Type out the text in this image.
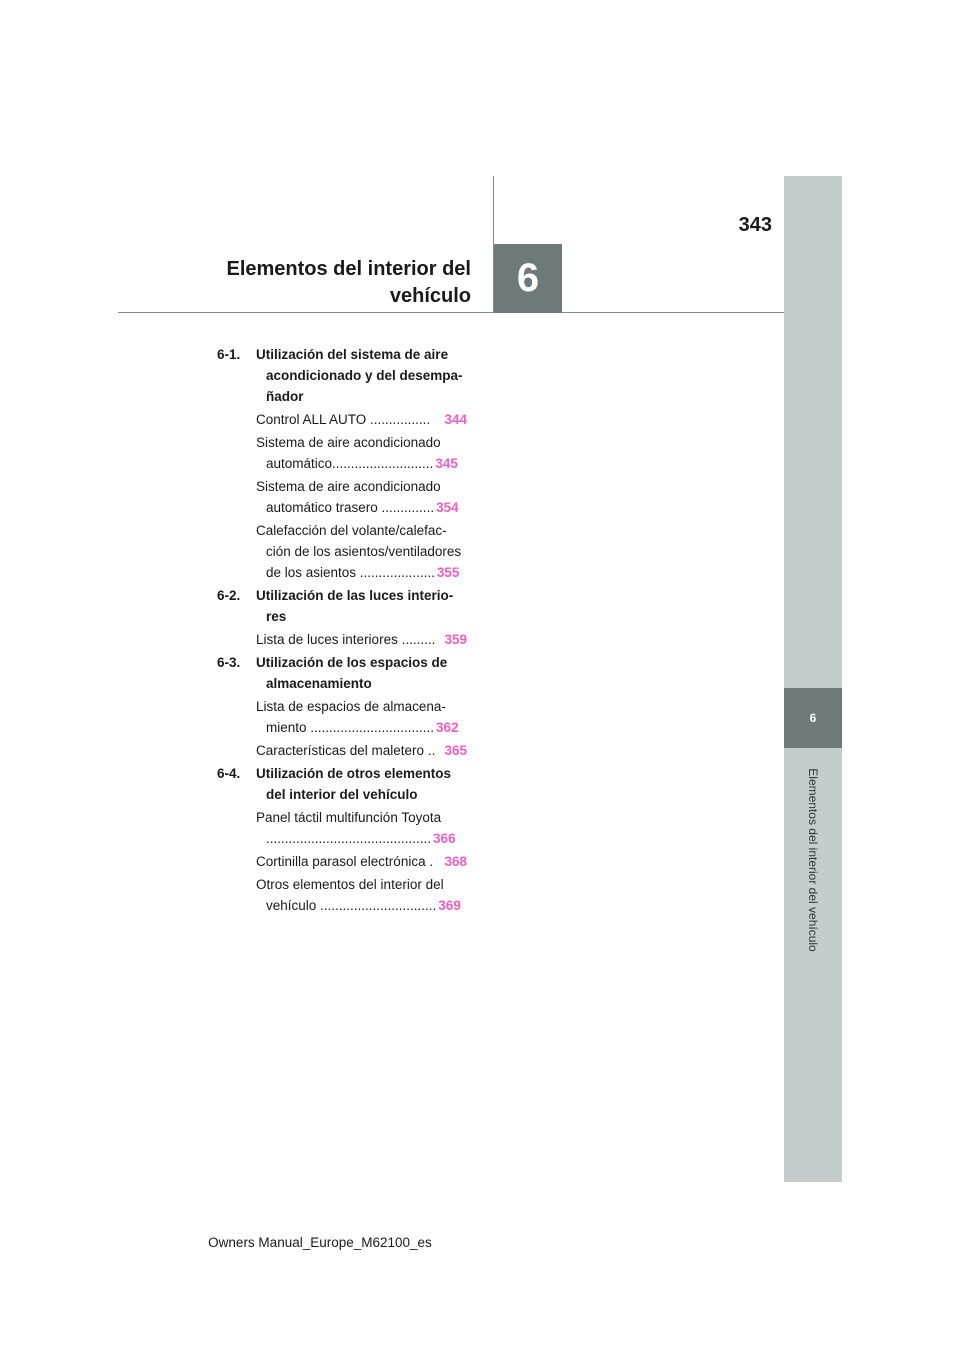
6
Elementos del interior del vehículo
6
343
Elementos del interior del
vehículo
6-1.	Utilización del sistema de aire
acondicionado y del desempa-
ñador
Control ALL AUTO ................	344
Sistema de aire acondicionado
automático........................... 345
Sistema de aire acondicionado
automático trasero .............. 354
Calefacción del volante/calefac-
ción de los asientos/ventiladores
de los asientos .................... 355
6-2.	Utilización de las luces interio-
res
Lista de luces interiores ......... 359
6-3.	Utilización de los espacios de
almacenamiento
Lista de espacios de almacena-
miento ................................. 362
Características del maletero .. 365
6-4.	Utilización de otros elementos
del interior del vehículo
Panel táctil multifunción Toyota
............................................ 366
Cortinilla parasol electrónica . 368
Otros elementos del interior del
vehículo ............................... 369
Owners Manual_Europe_M62100_es
